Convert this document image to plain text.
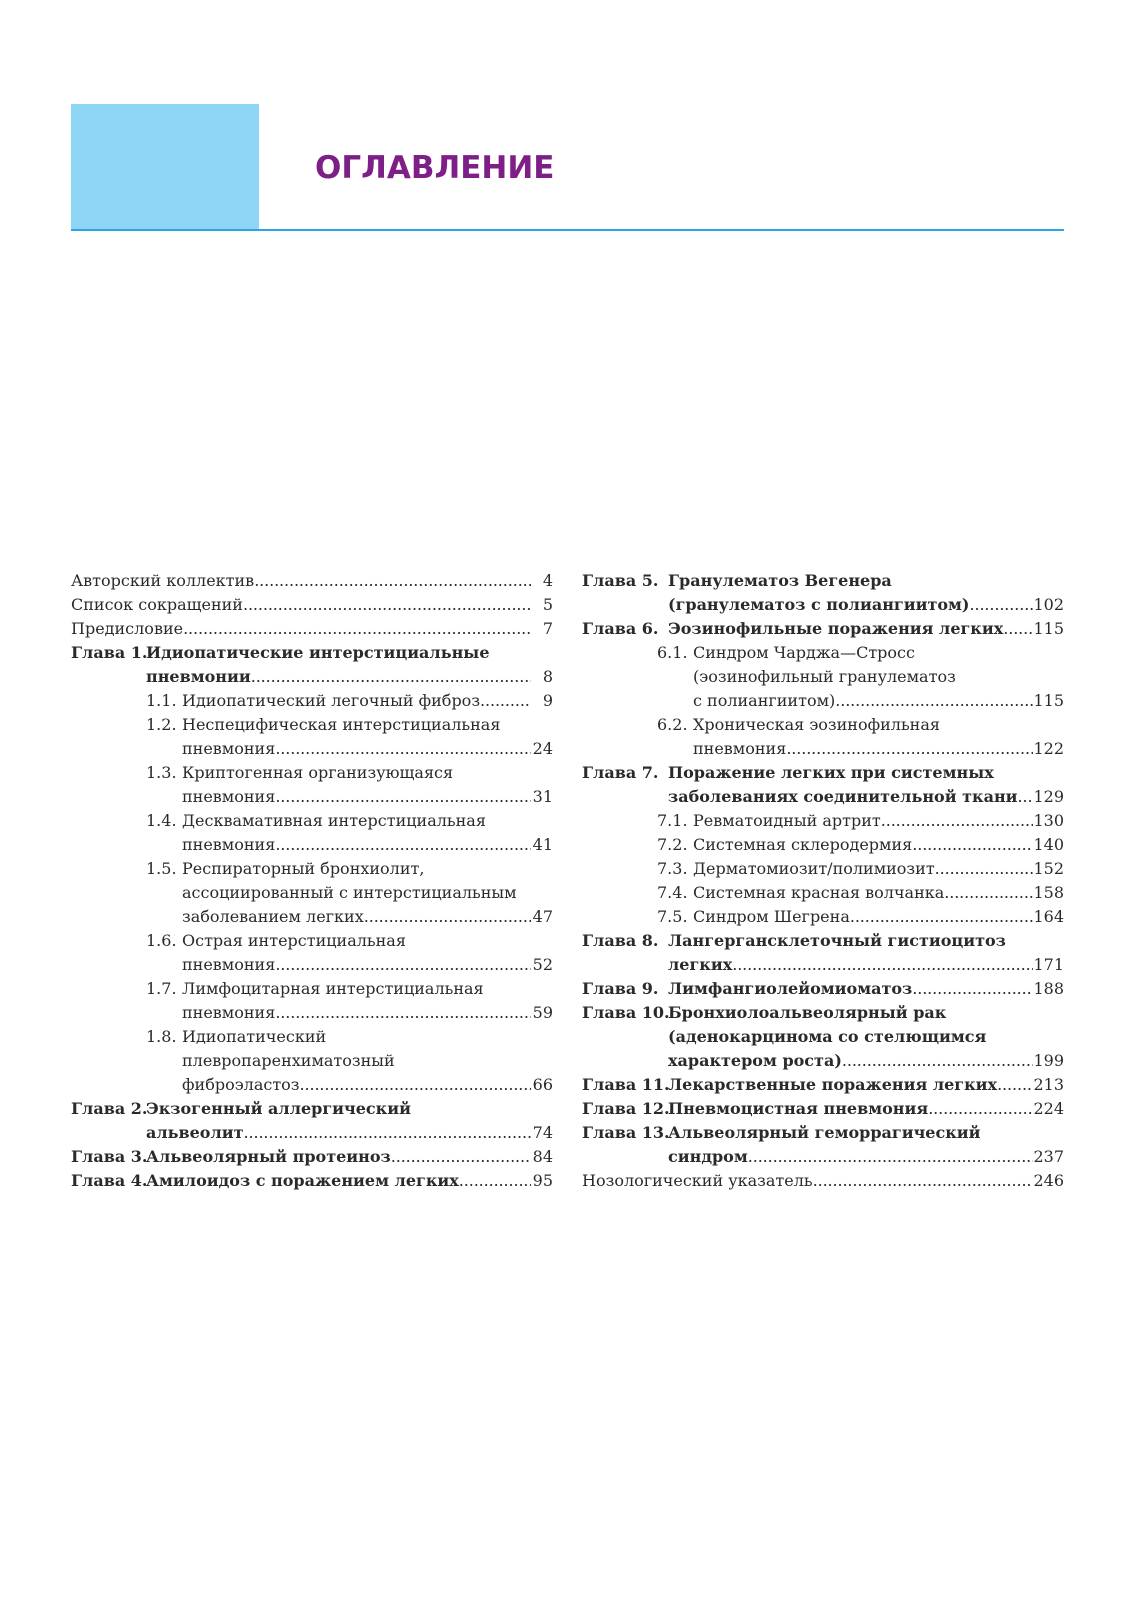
ОГЛАВЛЕНИЕ
Авторский коллектив . . .	4
Список сокращений . . .	5
Предисловие . . .	7
Глава 1.
Идиопатические интерстициальные
пневмонии . . .	8
1.1. Идиопатический легочный фиброз . . .	9
1.2. Неспецифическая интерстициальная
пневмония . . .	24
1.3. Криптогенная организующаяся
пневмония . . .	31
1.4. Десквамативная интерстициальная
пневмония . . .	41
1.5. Респираторный бронхиолит,
ассоциированный с интерстициальным
заболеванием легких . . .	47
1.6. Острая интерстициальная
пневмония . . .	52
1.7. Лимфоцитарная интерстициальная
пневмония . . .	59
1.8. Идиопатический
плевропаренхиматозный
фиброэластоз . . .	66
Глава 2.
Экзогенный аллергический
альвеолит . . .	74
Глава 3.
Альвеолярный протеиноз . . .	84
Глава 4.
Амилоидоз с поражением легких . . .	95
Глава 5. Гранулематоз Вегенера
(гранулематоз с полиангиитом) . . .	102
Глава 6. Эозинофильные поражения легких . . . 115
6.1. Синдром Чарджа—Стросс
(эозинофильный гранулематоз
с полиангиитом) . . .	115
6.2. Хроническая эозинофильная
пневмония . . .	122
Глава 7. Поражение легких при системных
заболеваниях соединительной ткани . . . 129
7.1. Ревматоидный артрит . . .	130
7.2. Системная склеродермия . . .	140
7.3. Дерматомиозит/полимиозит . . .	152
7.4. Системная красная волчанка . . .	158
7.5. Синдром Шегрена . . .	164
Глава 8. Лангергансклеточный гистиоцитоз
легких . . .	171
Глава 9. Лимфангиолейомиоматоз . . .	188
Глава 10.
Бронхиолоальвеолярный рак
(аденокарцинома со стелющимся
характером роста) . . .	199
Глава 11.
Лекарственные поражения легких . . . 213
Глава 12.
Пневмоцистная пневмония . . .	224
Глава 13.
Альвеолярный геморрагический
синдром . . .	237
Нозологический указатель . . .	246
